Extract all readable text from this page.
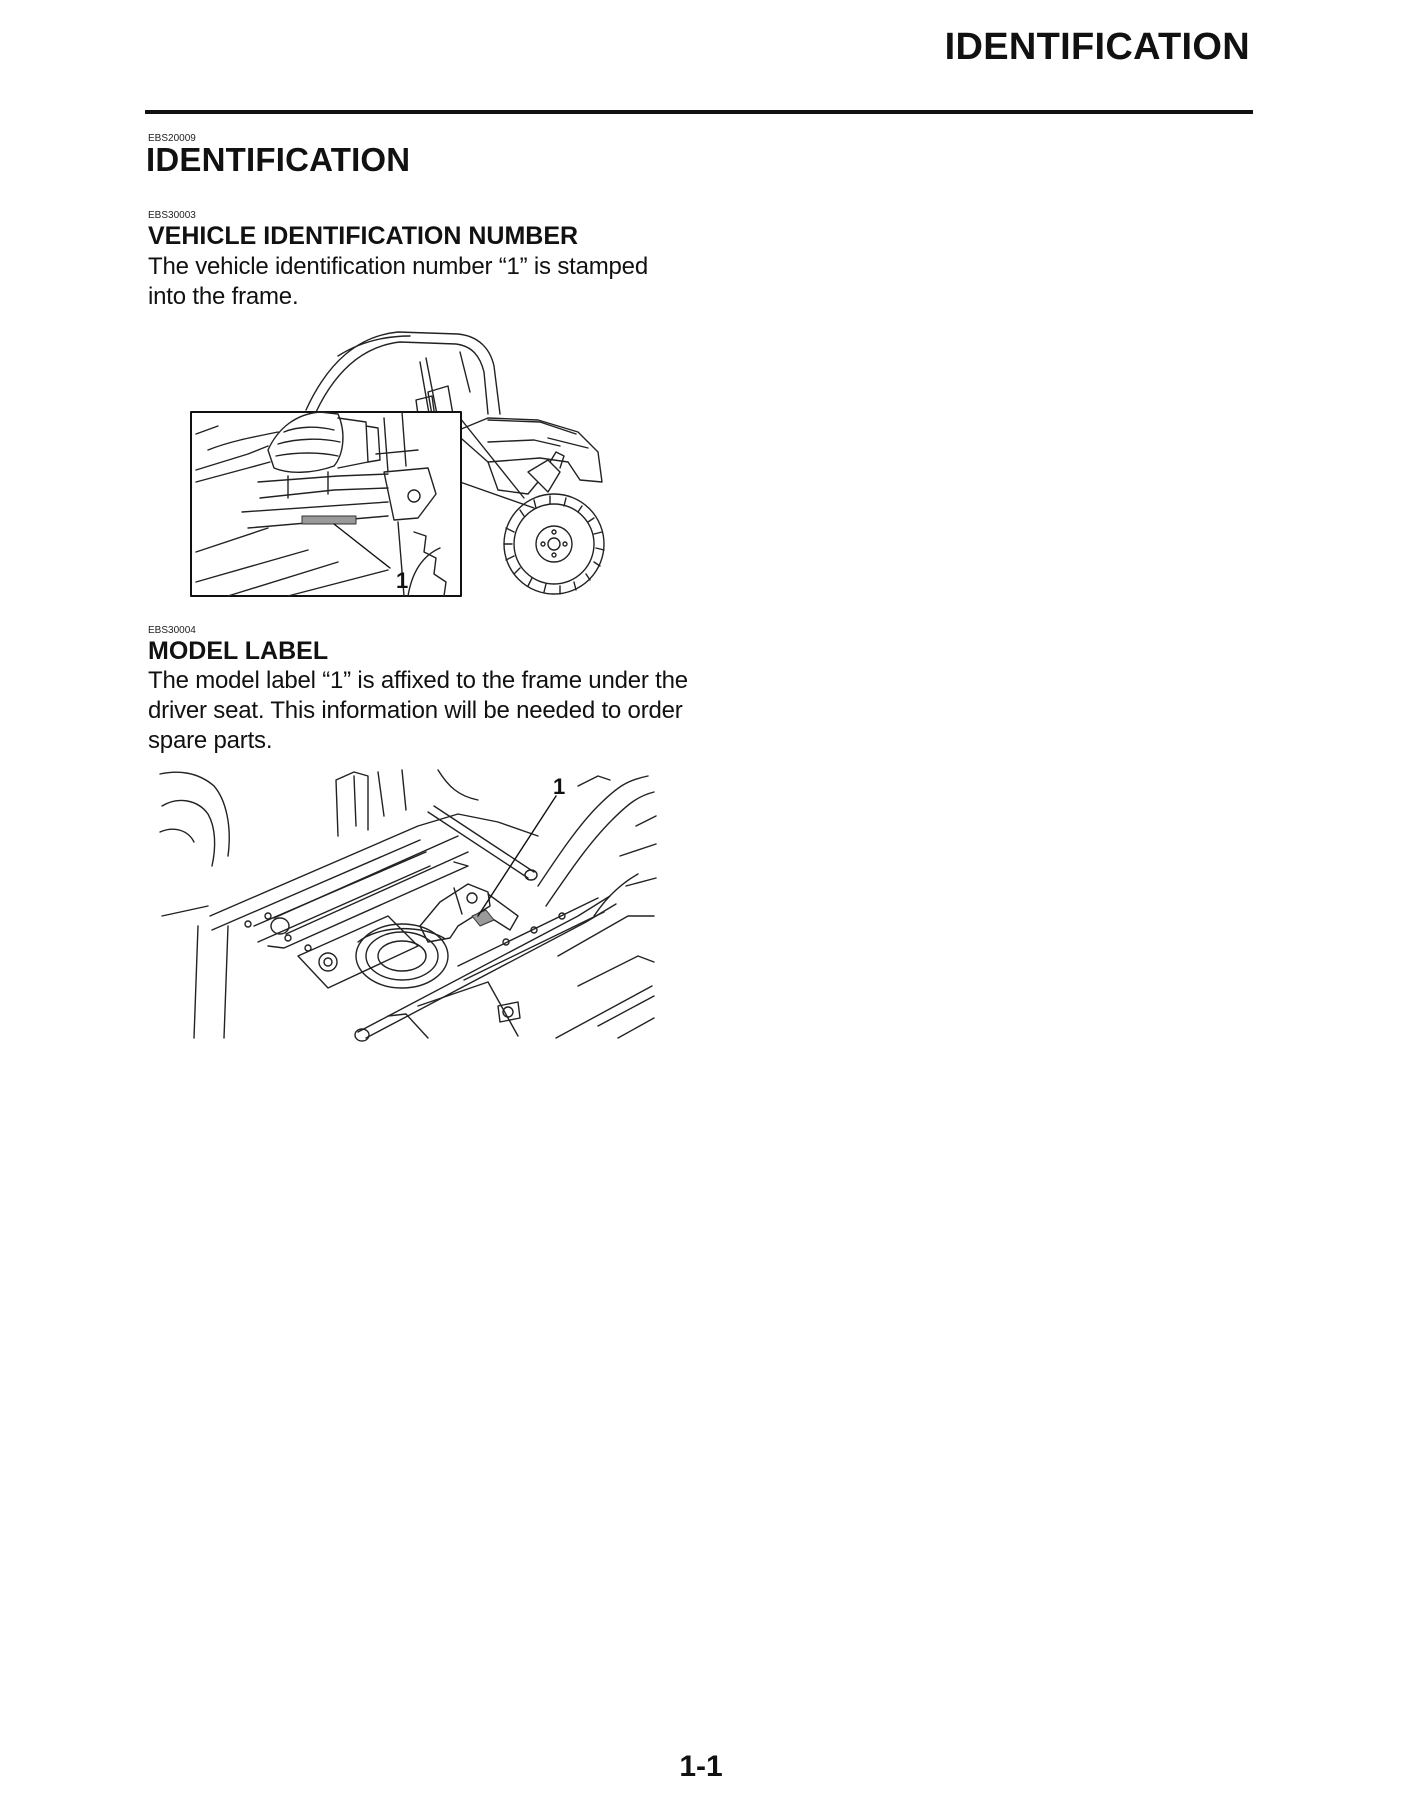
IDENTIFICATION
EBS20009
IDENTIFICATION
EBS30003
VEHICLE IDENTIFICATION NUMBER

The vehicle identification number “1” is stamped into the frame.

1
EBS30004
MODEL LABEL

The model label “1” is affixed to the frame under the driver seat. This information will be needed to order spare parts.

1
1-1
